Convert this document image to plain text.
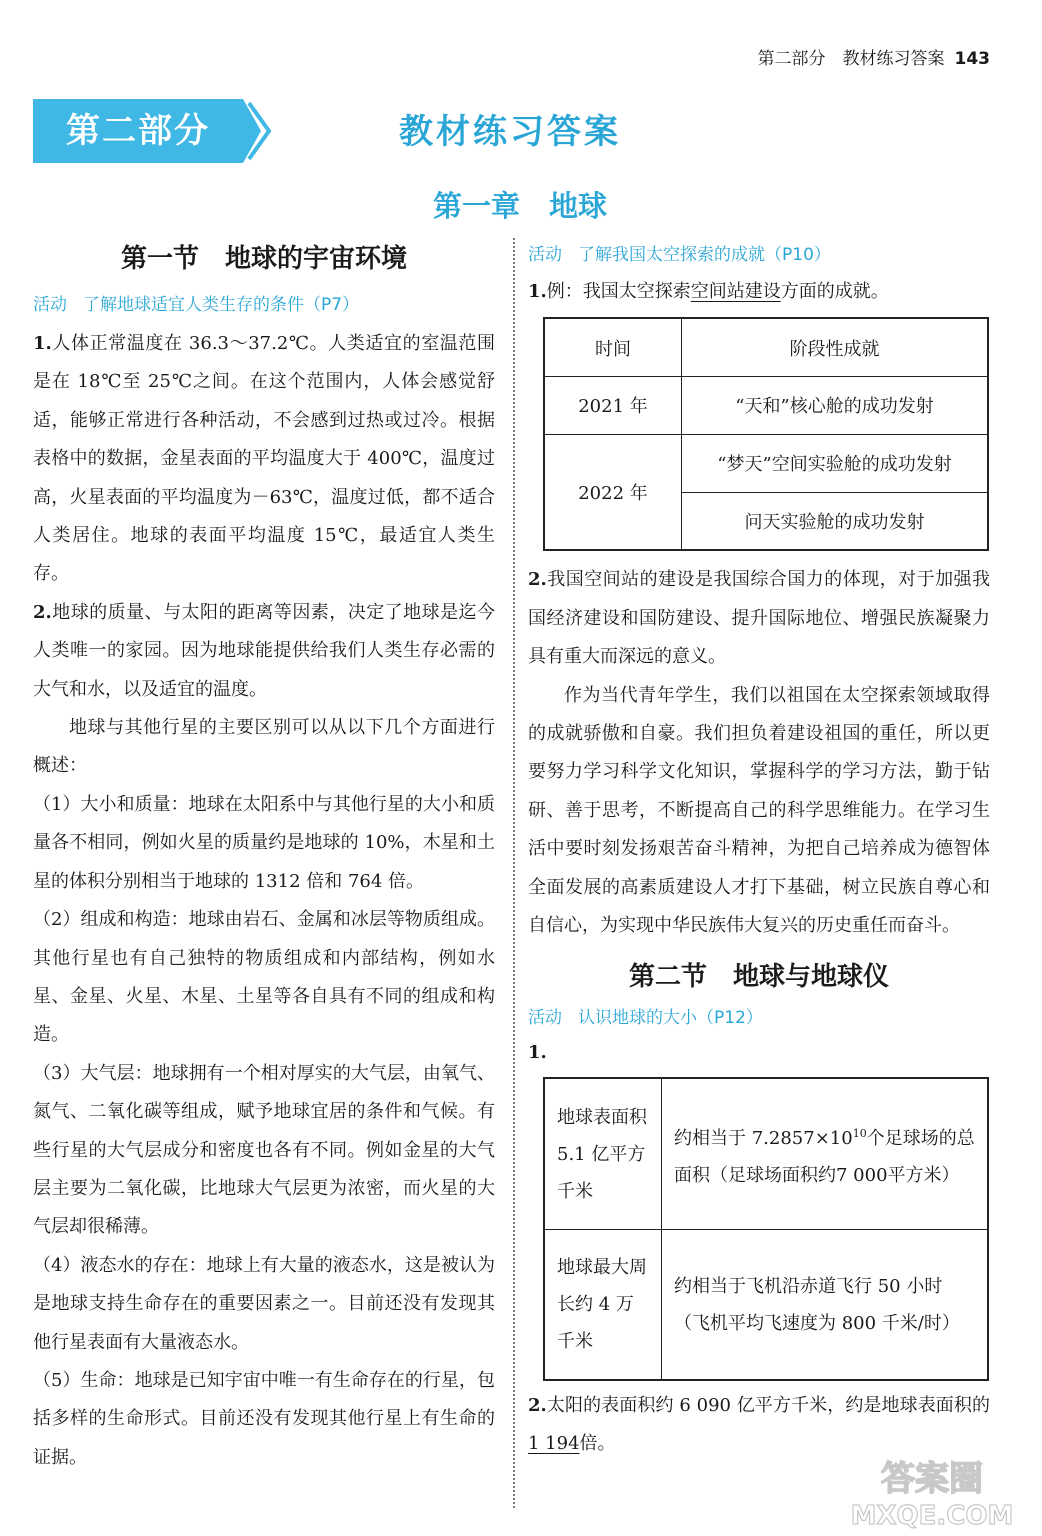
第二部分　教材练习答案 143
第二部分	教材练习答案
第一章　地球
第一节　地球的宇宙环境
活动 了解地球适宜人类生存的条件（P7）
1.人体正常温度在 36.3～37.2℃。人类适宜的室温范围是在 18℃至 25℃之间。在这个范围内，人体会感觉舒适，能够正常进行各种活动，不会感到过热或过冷。根据表格中的数据，金星表面的平均温度大于 400℃，温度过高，火星表面的平均温度为－63℃，温度过低，都不适合人类居住。地球的表面平均温度 15℃，最适宜人类生存。
2.地球的质量、与太阳的距离等因素，决定了地球是迄今人类唯一的家园。因为地球能提供给我们人类生存必需的大气和水，以及适宜的温度。
地球与其他行星的主要区别可以从以下几个方面进行概述：
（1）大小和质量：地球在太阳系中与其他行星的大小和质量各不相同，例如火星的质量约是地球的 10%，木星和土星的体积分别相当于地球的 1312 倍和 764 倍。
（2）组成和构造：地球由岩石、金属和冰层等物质组成。其他行星也有自己独特的物质组成和内部结构，例如水星、金星、火星、木星、土星等各自具有不同的组成和构造。
（3）大气层：地球拥有一个相对厚实的大气层，由氧气、氮气、二氧化碳等组成，赋予地球宜居的条件和气候。有些行星的大气层成分和密度也各有不同。例如金星的大气层主要为二氧化碳，比地球大气层更为浓密，而火星的大气层却很稀薄。
（4）液态水的存在：地球上有大量的液态水，这是被认为是地球支持生命存在的重要因素之一。目前还没有发现其他行星表面有大量液态水。
（5）生命：地球是已知宇宙中唯一有生命存在的行星，包括多样的生命形式。目前还没有发现其他行星上有生命的证据。
活动 了解我国太空探索的成就（P10）
1.例：我国太空探索空间站建设方面的成就。
时间	阶段性成就
2021 年	“天和”核心舱的成功发射
2022 年	“梦天”空间实验舱的成功发射
	问天实验舱的成功发射
2.我国空间站的建设是我国综合国力的体现，对于加强我国经济建设和国防建设、提升国际地位、增强民族凝聚力具有重大而深远的意义。
作为当代青年学生，我们以祖国在太空探索领域取得的成就骄傲和自豪。我们担负着建设祖国的重任，所以更要努力学习科学文化知识，掌握科学的学习方法，勤于钻研、善于思考，不断提高自己的科学思维能力。在学习生活中要时刻发扬艰苦奋斗精神，为把自己培养成为德智体全面发展的高素质建设人才打下基础，树立民族自尊心和自信心，为实现中华民族伟大复兴的历史重任而奋斗。
第二节　地球与地球仪
活动 认识地球的大小（P12）
1.
地球表面积 5.1 亿平方千米	约相当于 $7.2857\times 10^{10}$个足球场的总面积（足球场面积约7 000平方米）
地球最大周长约 4 万千米	约相当于飞机沿赤道飞行 50 小时（飞机平均飞速度为 800 千米/时）
2.太阳的表面积约 6 090 亿平方千米，约是地球表面积的1 194倍。
答案圈
MXQE.COM
